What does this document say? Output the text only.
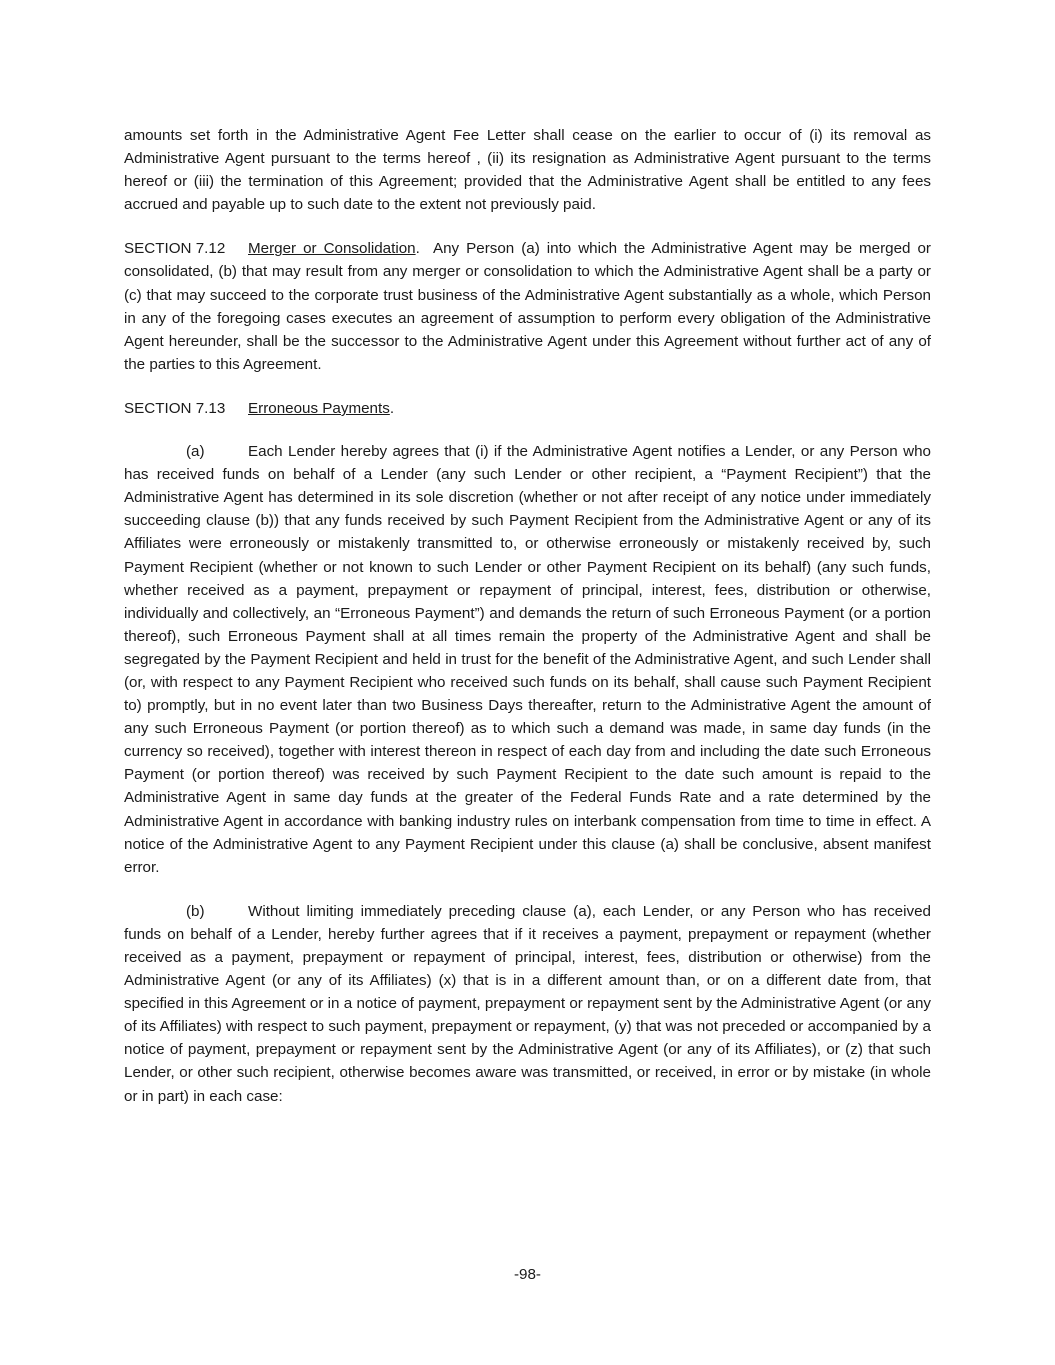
amounts set forth in the Administrative Agent Fee Letter shall cease on the earlier to occur of (i) its removal as Administrative Agent pursuant to the terms hereof , (ii) its resignation as Administrative Agent pursuant to the terms hereof or (iii) the termination of this Agreement; provided that the Administrative Agent shall be entitled to any fees accrued and payable up to such date to the extent not previously paid.

SECTION 7.12 Merger or Consolidation.  Any Person (a) into which the Administrative Agent may be merged or consolidated, (b) that may result from any merger or consolidation to which the Administrative Agent shall be a party or (c) that may succeed to the corporate trust business of the Administrative Agent substantially as a whole, which Person in any of the foregoing cases executes an agreement of assumption to perform every obligation of the Administrative Agent hereunder, shall be the successor to the Administrative Agent under this Agreement without further act of any of the parties to this Agreement.

SECTION 7.13 Erroneous Payments.

(a)	Each Lender hereby agrees that (i) if the Administrative Agent notifies a Lender, or any Person who has received funds on behalf of a Lender (any such Lender or other recipient, a “Payment Recipient”) that the Administrative Agent has determined in its sole discretion (whether or not after receipt of any notice under immediately succeeding clause (b)) that any funds received by such Payment Recipient from the Administrative Agent or any of its Affiliates were erroneously or mistakenly transmitted to, or otherwise erroneously or mistakenly received by, such Payment Recipient (whether or not known to such Lender or other Payment Recipient on its behalf) (any such funds, whether received as a payment, prepayment or repayment of principal, interest, fees, distribution or otherwise, individually and collectively, an “Erroneous Payment”) and demands the return of such Erroneous Payment (or a portion thereof), such Erroneous Payment shall at all times remain the property of the Administrative Agent and shall be segregated by the Payment Recipient and held in trust for the benefit of the Administrative Agent, and such Lender shall (or, with respect to any Payment Recipient who received such funds on its behalf, shall cause such Payment Recipient to) promptly, but in no event later than two Business Days thereafter, return to the Administrative Agent the amount of any such Erroneous Payment (or portion thereof) as to which such a demand was made, in same day funds (in the currency so received), together with interest thereon in respect of each day from and including the date such Erroneous Payment (or portion thereof) was received by such Payment Recipient to the date such amount is repaid to the Administrative Agent in same day funds at the greater of the Federal Funds Rate and a rate determined by the Administrative Agent in accordance with banking industry rules on interbank compensation from time to time in effect. A notice of the Administrative Agent to any Payment Recipient under this clause (a) shall be conclusive, absent manifest error.

(b)	Without limiting immediately preceding clause (a), each Lender, or any Person who has received funds on behalf of a Lender, hereby further agrees that if it receives a payment, prepayment or repayment (whether received as a payment, prepayment or repayment of principal, interest, fees, distribution or otherwise) from the Administrative Agent (or any of its Affiliates) (x) that is in a different amount than, or on a different date from, that specified in this Agreement or in a notice of payment, prepayment or repayment sent by the Administrative Agent (or any of its Affiliates) with respect to such payment, prepayment or repayment, (y) that was not preceded or accompanied by a notice of payment, prepayment or repayment sent by the Administrative Agent (or any of its Affiliates), or (z) that such Lender, or other such recipient, otherwise becomes aware was transmitted, or received, in error or by mistake (in whole or in part) in each case:

-98-
